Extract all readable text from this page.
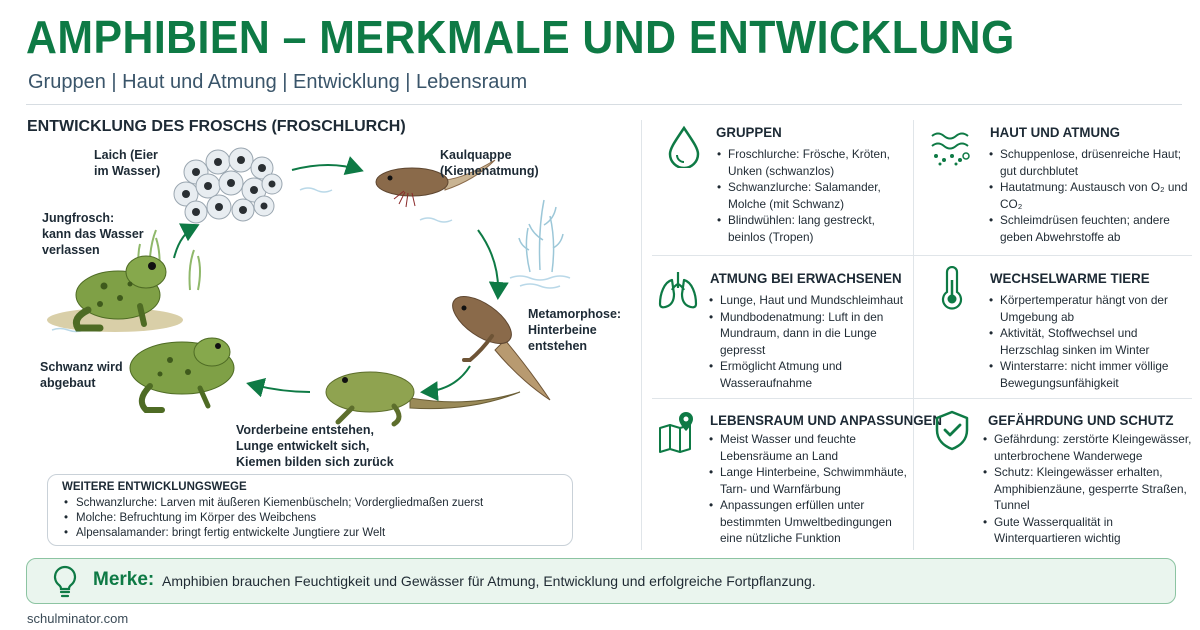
AMPHIBIEN – MERKMALE UND ENTWICKLUNG
Gruppen | Haut und Atmung | Entwicklung | Lebensraum
ENTWICKLUNG DES FROSCHS (FROSCHLURCH)
Laich (Eier
im Wasser)
Kaulquappe
(Kiemenatmung)
Metamorphose:
Hinterbeine
entstehen
Vorderbeine entstehen,
Lunge entwickelt sich,
Kiemen bilden sich zurück
Schwanz wird
abgebaut
Jungfrosch:
kann das Wasser
verlassen
WEITERE ENTWICKLUNGSWEGE
• Schwanzlurche: Larven mit äußeren Kiemenbüscheln; Vordergliedmaßen zuerst
• Molche: Befruchtung im Körper des Weibchens
• Alpensalamander: bringt fertig entwickelte Jungtiere zur Welt
GRUPPEN
• Froschlurche: Frösche, Kröten, Unken (schwanzlos)
• Schwanzlurche: Salamander, Molche (mit Schwanz)
• Blindwühlen: lang gestreckt, beinlos (Tropen)
HAUT UND ATMUNG
• Schuppenlose, drüsenreiche Haut; gut durchblutet
• Hautatmung: Austausch von O₂ und CO₂
• Schleimdrüsen feuchten; andere geben Abwehrstoffe ab
ATMUNG BEI ERWACHSENEN
• Lunge, Haut und Mundschleimhaut
• Mundbodenatmung: Luft in den Mundraum, dann in die Lunge gepresst
• Ermöglicht Atmung und Wasseraufnahme
WECHSELWARME TIERE
• Körpertemperatur hängt von der Umgebung ab
• Aktivität, Stoffwechsel und Herzschlag sinken im Winter
• Winterstarre: nicht immer völlige Bewegungsunfähigkeit
LEBENSRAUM UND ANPASSUNGEN
• Meist Wasser und feuchte Lebensräume an Land
• Lange Hinterbeine, Schwimmhäute, Tarn- und Warnfärbung
• Anpassungen erfüllen unter bestimmten Umweltbedingungen eine nützliche Funktion
GEFÄHRDUNG UND SCHUTZ
• Gefährdung: zerstörte Kleingewässer, unterbrochene Wanderwege
• Schutz: Kleingewässer erhalten, Amphibienzäune, gesperrte Straßen, Tunnel
• Gute Wasserqualität in Winterquartieren wichtig
Merke: Amphibien brauchen Feuchtigkeit und Gewässer für Atmung, Entwicklung und erfolgreiche Fortpflanzung.
schulminator.com
